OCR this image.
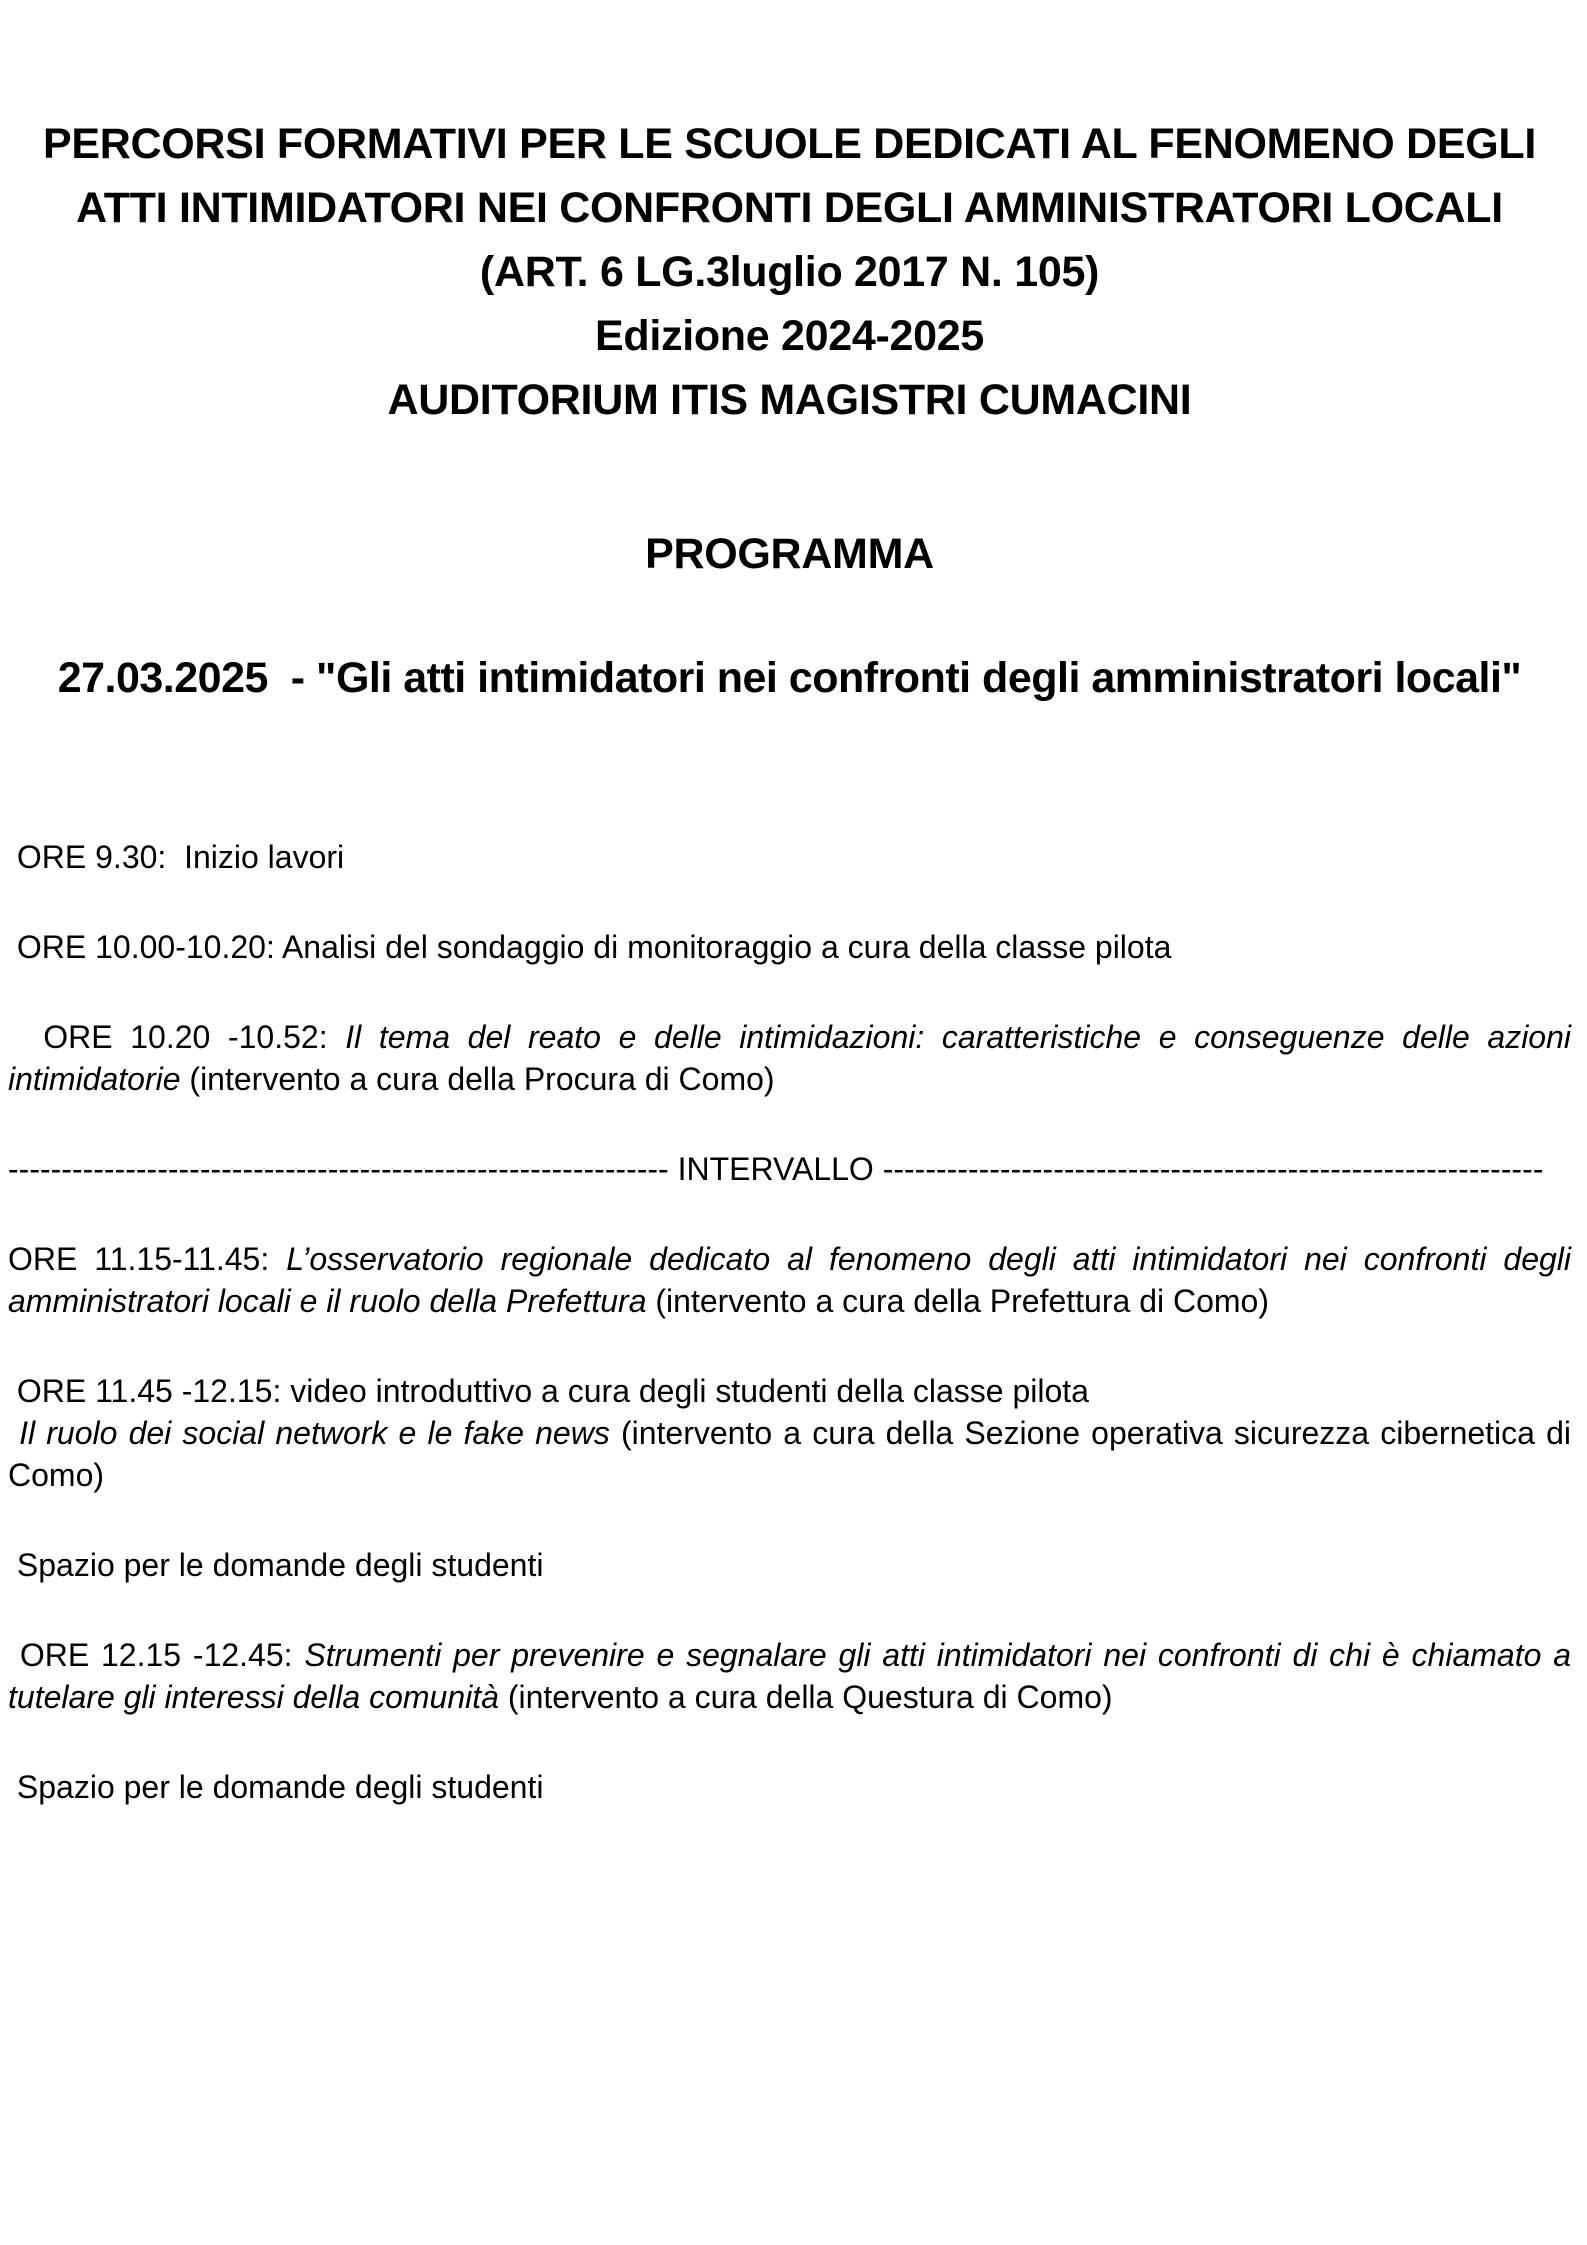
PERCORSI FORMATIVI PER LE SCUOLE DEDICATI AL FENOMENO DEGLI
ATTI INTIMIDATORI NEI CONFRONTI DEGLI AMMINISTRATORI LOCALI
(ART. 6 LG.3luglio 2017 N. 105)
Edizione 2024-2025
AUDITORIUM ITIS MAGISTRI CUMACINI
PROGRAMMA
27.03.2025  - "Gli atti intimidatori nei confronti degli amministratori locali"

ORE 9.30:  Inizio lavori

ORE 10.00-10.20: Analisi del sondaggio di monitoraggio a cura della classe pilota

ORE 10.20 -10.52: Il tema del reato e delle intimidazioni: caratteristiche e conseguenze delle azioni intimidatorie (intervento a cura della Procura di Como)

-------------------------------------------------------------- INTERVALLO --------------------------------------------------------------

ORE 11.15-11.45: L’osservatorio regionale dedicato al fenomeno degli atti intimidatori nei confronti degli amministratori locali e il ruolo della Prefettura (intervento a cura della Prefettura di Como)

ORE 11.45 -12.15: video introduttivo a cura degli studenti della classe pilota
Il ruolo dei social network e le fake news (intervento a cura della Sezione operativa sicurezza cibernetica di Como)

Spazio per le domande degli studenti

ORE 12.15 -12.45: Strumenti per prevenire e segnalare gli atti intimidatori nei confronti di chi è chiamato a tutelare gli interessi della comunità (intervento a cura della Questura di Como)

Spazio per le domande degli studenti
